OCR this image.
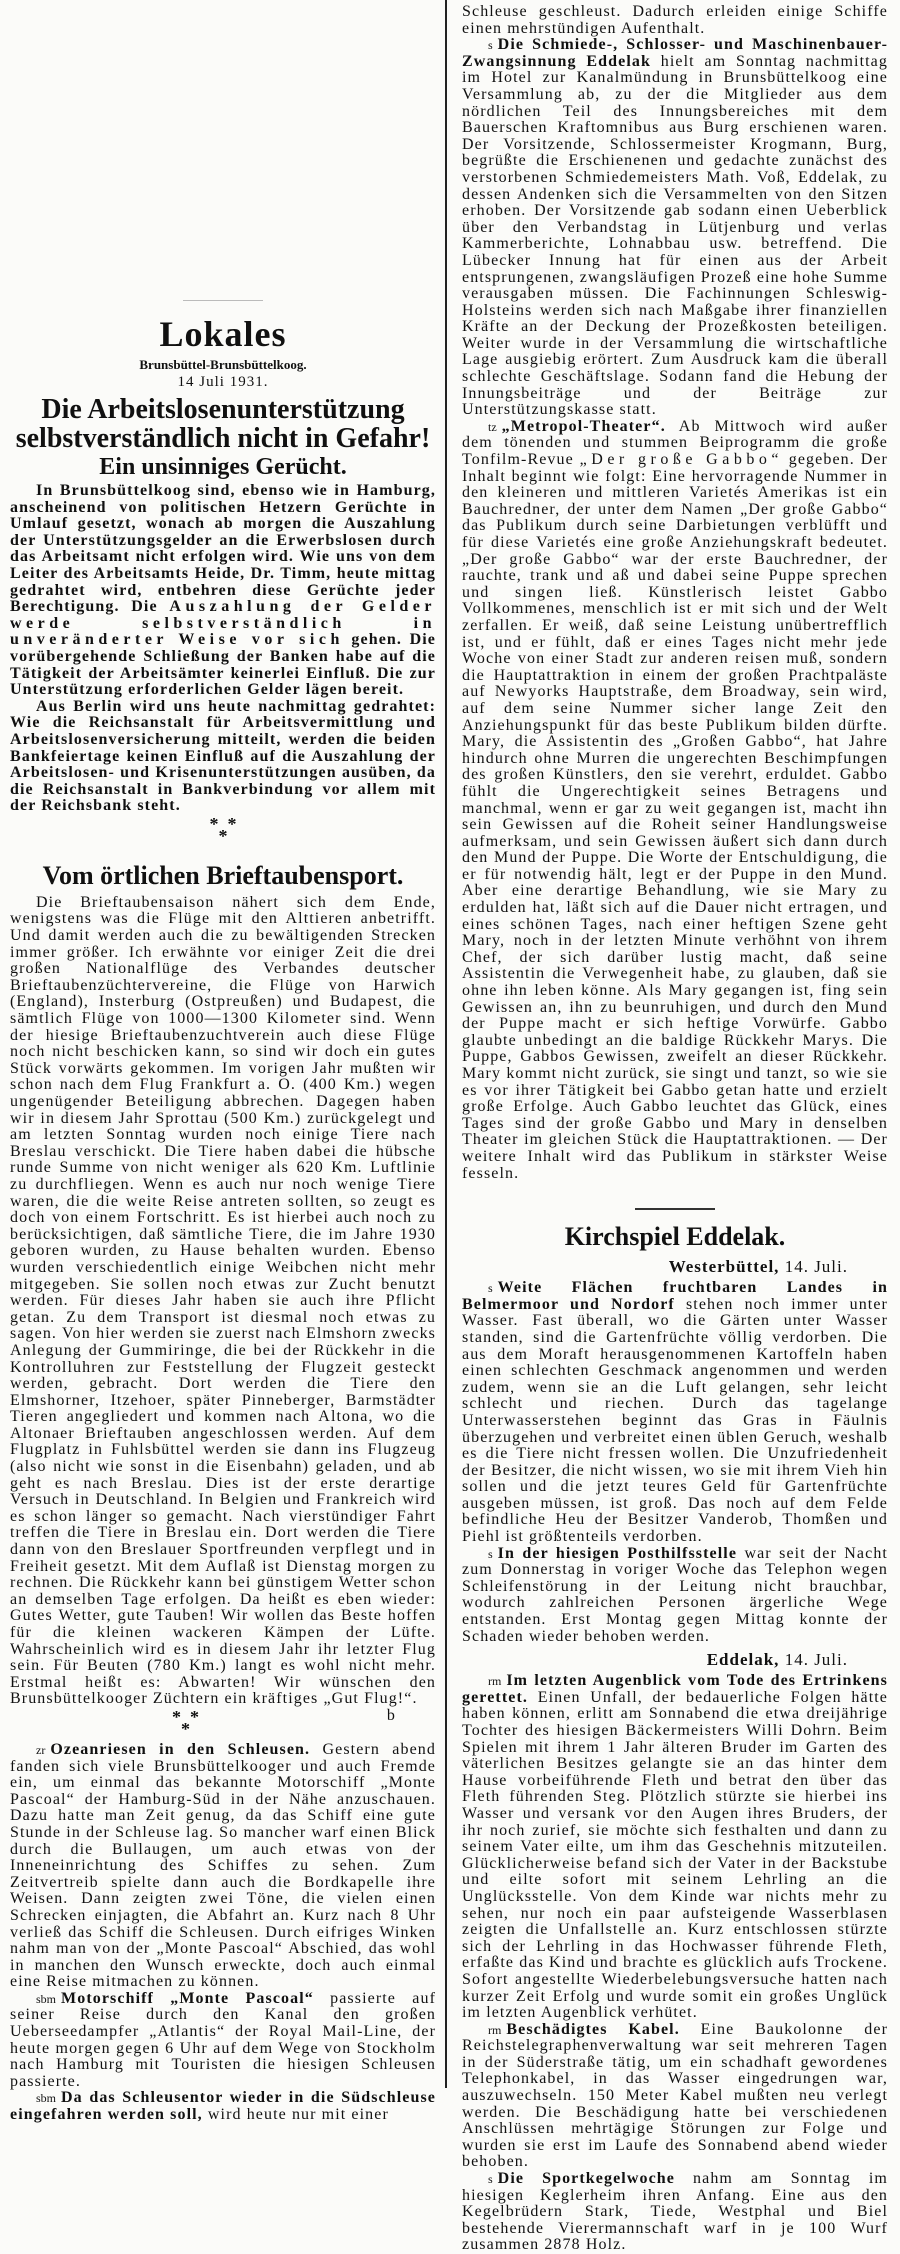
Lokales
Brunsbüttel-Brunsbüttelkoog.
14 Juli 1931.
Die Arbeitslosenunterstützung selbstverständlich nicht in Gefahr!
Ein unsinniges Gerücht.

In Brunsbüttelkoog sind, ebenso wie in Hamburg, anscheinend von politischen Hetzern Gerüchte in Umlauf gesetzt, wonach ab morgen die Auszahlung der Unterstützungsgelder an die Erwerbslosen durch das Arbeitsamt nicht erfolgen wird. Wie uns von dem Leiter des Arbeitsamts Heide, Dr. Timm, heute mittag gedrahtet wird, entbehren diese Gerüchte jeder Berechtigung. Die Auszahlung der Gelder werde selbstverständlich in unveränderter Weise vor sich gehen. Die vorübergehende Schließung der Banken habe auf die Tätigkeit der Arbeitsämter keinerlei Einfluß. Die zur Unterstützung erforderlichen Gelder lägen bereit.

Aus Berlin wird uns heute nachmittag gedrahtet: Wie die Reichsanstalt für Arbeitsvermittlung und Arbeitslosenversicherung mitteilt, werden die beiden Bankfeiertage keinen Einfluß auf die Auszahlung der Arbeitslosen- und Krisenunterstützungen ausüben, da die Reichsanstalt in Bankverbindung vor allem mit der Reichsbank steht.

***
Vom örtlichen Brieftaubensport.

Die Brieftaubensaison nähert sich dem Ende, wenigstens was die Flüge mit den Alttieren anbetrifft. Und damit werden auch die zu bewältigenden Strecken immer größer. Ich erwähnte vor einiger Zeit die drei großen Nationalflüge des Verbandes deutscher Brieftaubenzüchtervereine, die Flüge von Harwich (England), Insterburg (Ostpreußen) und Budapest, die sämtlich Flüge von 1000—1300 Kilometer sind. Wenn der hiesige Brieftaubenzuchtverein auch diese Flüge noch nicht beschicken kann, so sind wir doch ein gutes Stück vorwärts gekommen. Im vorigen Jahr mußten wir schon nach dem Flug Frankfurt a. O. (400 Km.) wegen ungenügender Beteiligung abbrechen. Dagegen haben wir in diesem Jahr Sprottau (500 Km.) zurückgelegt und am letzten Sonntag wurden noch einige Tiere nach Breslau verschickt. Die Tiere haben dabei die hübsche runde Summe von nicht weniger als 620 Km. Luftlinie zu durchfliegen. Wenn es auch nur noch wenige Tiere waren, die die weite Reise antreten sollten, so zeugt es doch von einem Fortschritt. Es ist hierbei auch noch zu berücksichtigen, daß sämtliche Tiere, die im Jahre 1930 geboren wurden, zu Hause behalten wurden. Ebenso wurden verschiedentlich einige Weibchen nicht mehr mitgegeben. Sie sollen noch etwas zur Zucht benutzt werden. Für dieses Jahr haben sie auch ihre Pflicht getan. Zu dem Transport ist diesmal noch etwas zu sagen. Von hier werden sie zuerst nach Elmshorn zwecks Anlegung der Gummiringe, die bei der Rückkehr in die Kontrolluhren zur Feststellung der Flugzeit gesteckt werden, gebracht. Dort werden die Tiere den Elmshorner, Itzehoer, später Pinneberger, Barmstädter Tieren angegliedert und kommen nach Altona, wo die Altonaer Brieftauben angeschlossen werden. Auf dem Flugplatz in Fuhlsbüttel werden sie dann ins Flugzeug (also nicht wie sonst in die Eisenbahn) geladen, und ab geht es nach Breslau. Dies ist der erste derartige Versuch in Deutschland. In Belgien und Frankreich wird es schon länger so gemacht. Nach vierstündiger Fahrt treffen die Tiere in Breslau ein. Dort werden die Tiere dann von den Breslauer Sportfreunden verpflegt und in Freiheit gesetzt. Mit dem Auflaß ist Dienstag morgen zu rechnen. Die Rückkehr kann bei günstigem Wetter schon an demselben Tage erfolgen. Da heißt es eben wieder: Gutes Wetter, gute Tauben! Wir wollen das Beste hoffen für die kleinen wackeren Kämpen der Lüfte. Wahrscheinlich wird es in diesem Jahr ihr letzter Flug sein. Für Beuten (780 Km.) langt es wohl nicht mehr. Erstmal heißt es: Abwarten! Wir wünschen den Brunsbüttelkooger Züchtern ein kräftiges „Gut Flug!“.
b

***

zr Ozeanriesen in den Schleusen. Gestern abend fanden sich viele Brunsbüttelkooger und auch Fremde ein, um einmal das bekannte Motorschiff „Monte Pascoal“ der Hamburg-Süd in der Nähe anzuschauen. Dazu hatte man Zeit genug, da das Schiff eine gute Stunde in der Schleuse lag. So mancher warf einen Blick durch die Bullaugen, um auch etwas von der Inneneinrichtung des Schiffes zu sehen. Zum Zeitvertreib spielte dann auch die Bordkapelle ihre Weisen. Dann zeigten zwei Töne, die vielen einen Schrecken einjagten, die Abfahrt an. Kurz nach 8 Uhr verließ das Schiff die Schleusen. Durch eifriges Winken nahm man von der „Monte Pascoal“ Abschied, das wohl in manchen den Wunsch erweckte, doch auch einmal eine Reise mitmachen zu können.

sbm Motorschiff „Monte Pascoal“ passierte auf seiner Reise durch den Kanal den großen Ueberseedampfer „Atlantis“ der Royal Mail-Line, der heute morgen gegen 6 Uhr auf dem Wege von Stockholm nach Hamburg mit Touristen die hiesigen Schleusen passierte.

sbm Da das Schleusentor wieder in die Südschleuse eingefahren werden soll, wird heute nur mit einer

Schleuse geschleust. Dadurch erleiden einige Schiffe einen mehrstündigen Aufenthalt.

s Die Schmiede-, Schlosser- und Maschinenbauer-Zwangsinnung Eddelak hielt am Sonntag nachmittag im Hotel zur Kanalmündung in Brunsbüttelkoog eine Versammlung ab, zu der die Mitglieder aus dem nördlichen Teil des Innungsbereiches mit dem Bauerschen Kraftomnibus aus Burg erschienen waren. Der Vorsitzende, Schlossermeister Krogmann, Burg, begrüßte die Erschienenen und gedachte zunächst des verstorbenen Schmiedemeisters Math. Voß, Eddelak, zu dessen Andenken sich die Versammelten von den Sitzen erhoben. Der Vorsitzende gab sodann einen Ueberblick über den Verbandstag in Lütjenburg und verlas Kammerberichte, Lohnabbau usw. betreffend. Die Lübecker Innung hat für einen aus der Arbeit entsprungenen, zwangsläufigen Prozeß eine hohe Summe verausgaben müssen. Die Fachinnungen Schleswig-Holsteins werden sich nach Maßgabe ihrer finanziellen Kräfte an der Deckung der Prozeßkosten beteiligen. Weiter wurde in der Versammlung die wirtschaftliche Lage ausgiebig erörtert. Zum Ausdruck kam die überall schlechte Geschäftslage. Sodann fand die Hebung der Innungsbeiträge und der Beiträge zur Unterstützungskasse statt.

tz „Metropol-Theater“. Ab Mittwoch wird außer dem tönenden und stummen Beiprogramm die große Tonfilm-Revue „Der große Gabbo“ gegeben. Der Inhalt beginnt wie folgt: Eine hervorragende Nummer in den kleineren und mittleren Varietés Amerikas ist ein Bauchredner, der unter dem Namen „Der große Gabbo“ das Publikum durch seine Darbietungen verblüfft und für diese Varietés eine große Anziehungskraft bedeutet. „Der große Gabbo“ war der erste Bauchredner, der rauchte, trank und aß und dabei seine Puppe sprechen und singen ließ. Künstlerisch leistet Gabbo Vollkommenes, menschlich ist er mit sich und der Welt zerfallen. Er weiß, daß seine Leistung unübertrefflich ist, und er fühlt, daß er eines Tages nicht mehr jede Woche von einer Stadt zur anderen reisen muß, sondern die Hauptattraktion in einem der großen Prachtpaläste auf Newyorks Hauptstraße, dem Broadway, sein wird, auf dem seine Nummer sicher lange Zeit den Anziehungspunkt für das beste Publikum bilden dürfte. Mary, die Assistentin des „Großen Gabbo“, hat Jahre hindurch ohne Murren die ungerechten Beschimpfungen des großen Künstlers, den sie verehrt, erduldet. Gabbo fühlt die Ungerechtigkeit seines Betragens und manchmal, wenn er gar zu weit gegangen ist, macht ihn sein Gewissen auf die Roheit seiner Handlungsweise aufmerksam, und sein Gewissen äußert sich dann durch den Mund der Puppe. Die Worte der Entschuldigung, die er für notwendig hält, legt er der Puppe in den Mund. Aber eine derartige Behandlung, wie sie Mary zu erdulden hat, läßt sich auf die Dauer nicht ertragen, und eines schönen Tages, nach einer heftigen Szene geht Mary, noch in der letzten Minute verhöhnt von ihrem Chef, der sich darüber lustig macht, daß seine Assistentin die Verwegenheit habe, zu glauben, daß sie ohne ihn leben könne. Als Mary gegangen ist, fing sein Gewissen an, ihn zu beunruhigen, und durch den Mund der Puppe macht er sich heftige Vorwürfe. Gabbo glaubte unbedingt an die baldige Rückkehr Marys. Die Puppe, Gabbos Gewissen, zweifelt an dieser Rückkehr. Mary kommt nicht zurück, sie singt und tanzt, so wie sie es vor ihrer Tätigkeit bei Gabbo getan hatte und erzielt große Erfolge. Auch Gabbo leuchtet das Glück, eines Tages sind der große Gabbo und Mary in denselben Theater im gleichen Stück die Hauptattraktionen. — Der weitere Inhalt wird das Publikum in stärkster Weise fesseln.

Kirchspiel Eddelak.
Westerbüttel, 14. Juli.

s Weite Flächen fruchtbaren Landes in Belmermoor und Nordorf stehen noch immer unter Wasser. Fast überall, wo die Gärten unter Wasser standen, sind die Gartenfrüchte völlig verdorben. Die aus dem Moraft herausgenommenen Kartoffeln haben einen schlechten Geschmack angenommen und werden zudem, wenn sie an die Luft gelangen, sehr leicht schlecht und riechen. Durch das tagelange Unterwasserstehen beginnt das Gras in Fäulnis überzugehen und verbreitet einen üblen Geruch, weshalb es die Tiere nicht fressen wollen. Die Unzufriedenheit der Besitzer, die nicht wissen, wo sie mit ihrem Vieh hin sollen und die jetzt teures Geld für Gartenfrüchte ausgeben müssen, ist groß. Das noch auf dem Felde befindliche Heu der Besitzer Vanderob, Thomßen und Piehl ist größtenteils verdorben.

s In der hiesigen Posthilfsstelle war seit der Nacht zum Donnerstag in voriger Woche das Telephon wegen Schleifenstörung in der Leitung nicht brauchbar, wodurch zahlreichen Personen ärgerliche Wege entstanden. Erst Montag gegen Mittag konnte der Schaden wieder behoben werden.

Eddelak, 14. Juli.

rm Im letzten Augenblick vom Tode des Ertrinkens gerettet. Einen Unfall, der bedauerliche Folgen hätte haben können, erlitt am Sonnabend die etwa dreijährige Tochter des hiesigen Bäckermeisters Willi Dohrn. Beim Spielen mit ihrem 1 Jahr älteren Bruder im Garten des väterlichen Besitzes gelangte sie an das hinter dem Hause vorbeiführende Fleth und betrat den über das Fleth führenden Steg. Plötzlich stürzte sie hierbei ins Wasser und versank vor den Augen ihres Bruders, der ihr noch zurief, sie möchte sich festhalten und dann zu seinem Vater eilte, um ihm das Geschehnis mitzuteilen. Glücklicherweise befand sich der Vater in der Backstube und eilte sofort mit seinem Lehrling an die Unglücksstelle. Von dem Kinde war nichts mehr zu sehen, nur noch ein paar aufsteigende Wasserblasen zeigten die Unfallstelle an. Kurz entschlossen stürzte sich der Lehrling in das Hochwasser führende Fleth, erfaßte das Kind und brachte es glücklich aufs Trockene. Sofort angestellte Wiederbelebungsversuche hatten nach kurzer Zeit Erfolg und wurde somit ein großes Unglück im letzten Augenblick verhütet.

rm Beschädigtes Kabel. Eine Baukolonne der Reichstelegraphenverwaltung war seit mehreren Tagen in der Süderstraße tätig, um ein schadhaft gewordenes Telephonkabel, in das Wasser eingedrungen war, auszuwechseln. 150 Meter Kabel mußten neu verlegt werden. Die Beschädigung hatte bei verschiedenen Anschlüssen mehrtägige Störungen zur Folge und wurden sie erst im Laufe des Sonnabend abend wieder behoben.

s Die Sportkegelwoche nahm am Sonntag im hiesigen Keglerheim ihren Anfang. Eine aus den Kegelbrüdern Stark, Tiede, Westphal und Biel bestehende Vierermannschaft warf in je 100 Wurf zusammen 2878 Holz.
